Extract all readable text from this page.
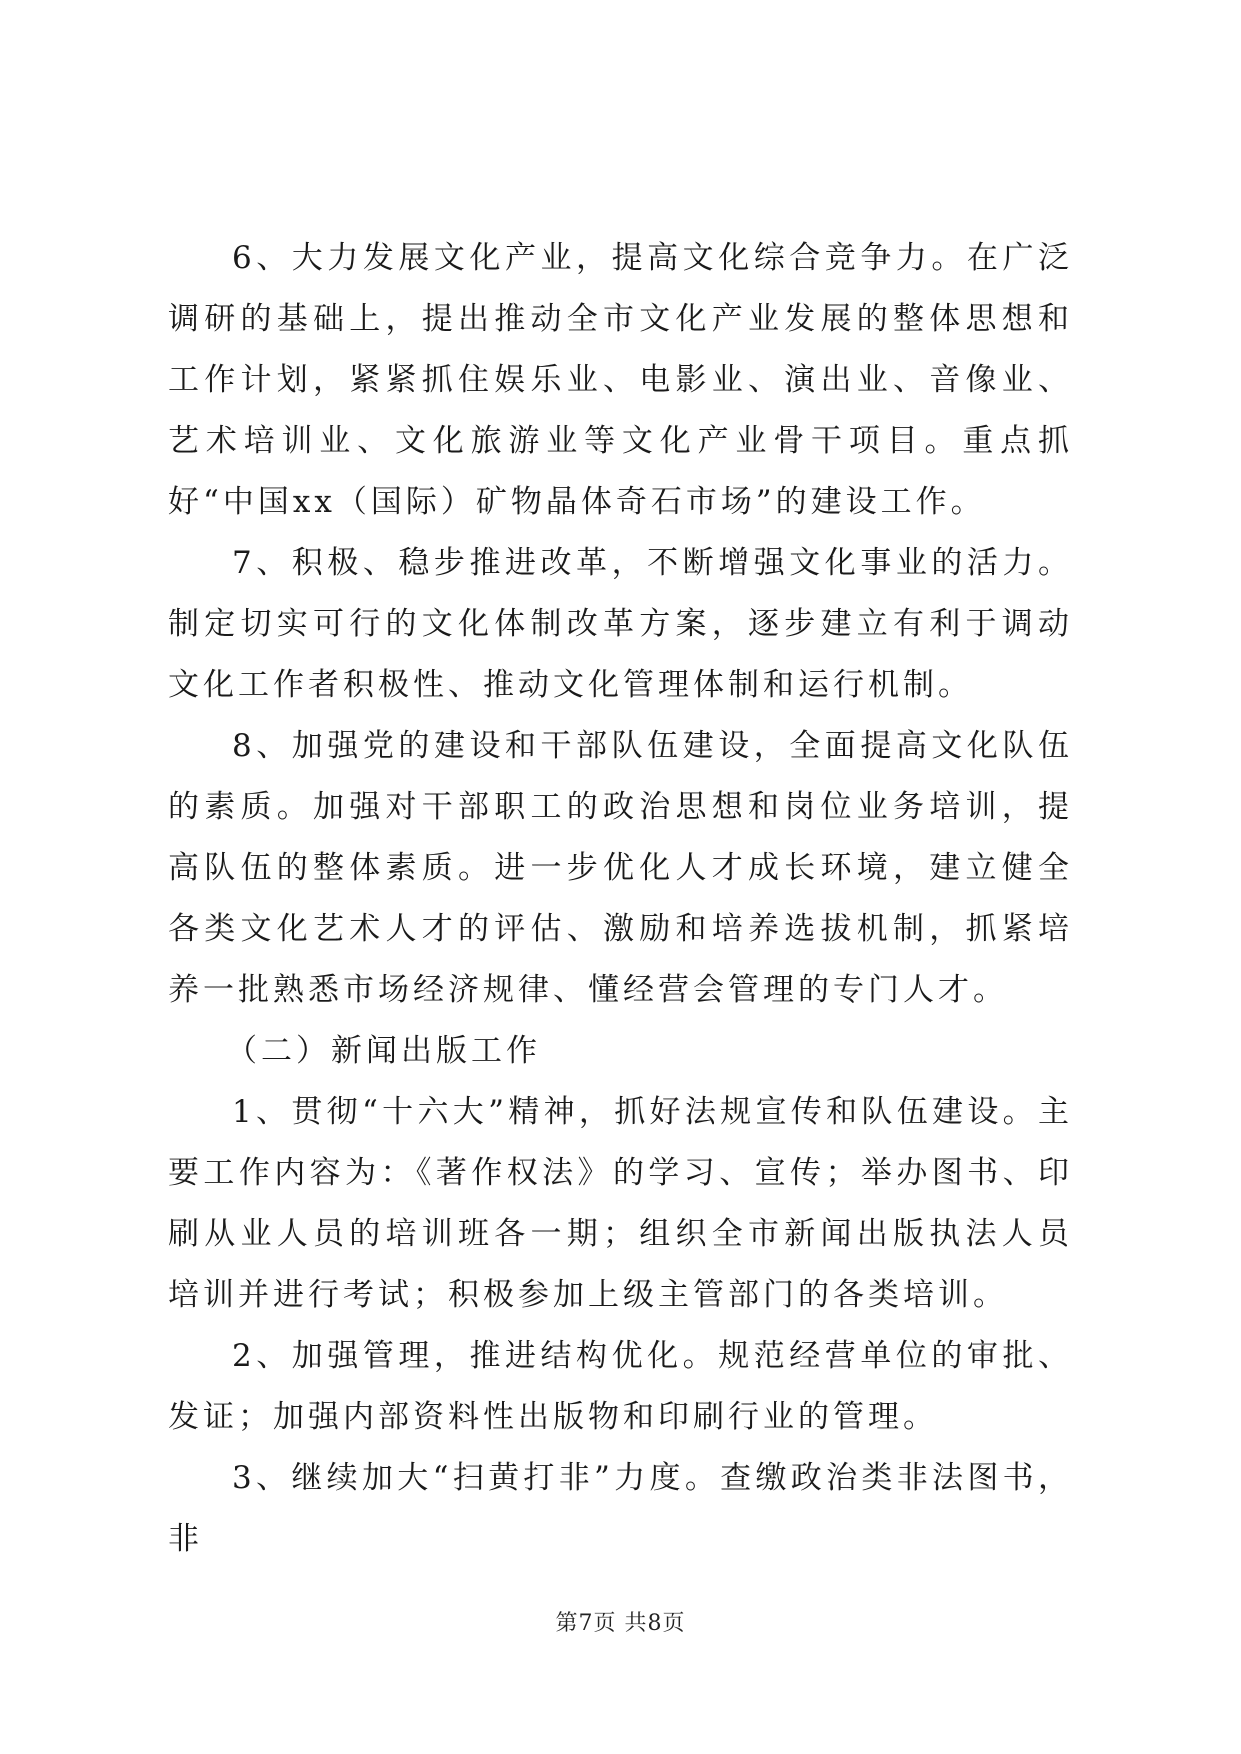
6、大力发展文化产业，提高文化综合竞争力。在广泛调研的基础上，提出推动全市文化产业发展的整体思想和工作计划，紧紧抓住娱乐业、电影业、演出业、音像业、艺术培训业、文化旅游业等文化产业骨干项目。重点抓好“中国xx（国际）矿物晶体奇石市场”的建设工作。

7、积极、稳步推进改革，不断增强文化事业的活力。制定切实可行的文化体制改革方案，逐步建立有利于调动文化工作者积极性、推动文化管理体制和运行机制。

8、加强党的建设和干部队伍建设，全面提高文化队伍的素质。加强对干部职工的政治思想和岗位业务培训，提高队伍的整体素质。进一步优化人才成长环境，建立健全各类文化艺术人才的评估、激励和培养选拔机制，抓紧培养一批熟悉市场经济规律、懂经营会管理的专门人才。

（二）新闻出版工作

1、贯彻“十六大”精神，抓好法规宣传和队伍建设。主要工作内容为：《著作权法》的学习、宣传；举办图书、印刷从业人员的培训班各一期；组织全市新闻出版执法人员培训并进行考试；积极参加上级主管部门的各类培训。

2、加强管理，推进结构优化。规范经营单位的审批、发证；加强内部资料性出版物和印刷行业的管理。

3、继续加大“扫黄打非”力度。查缴政治类非法图书，非

第7页 共8页
